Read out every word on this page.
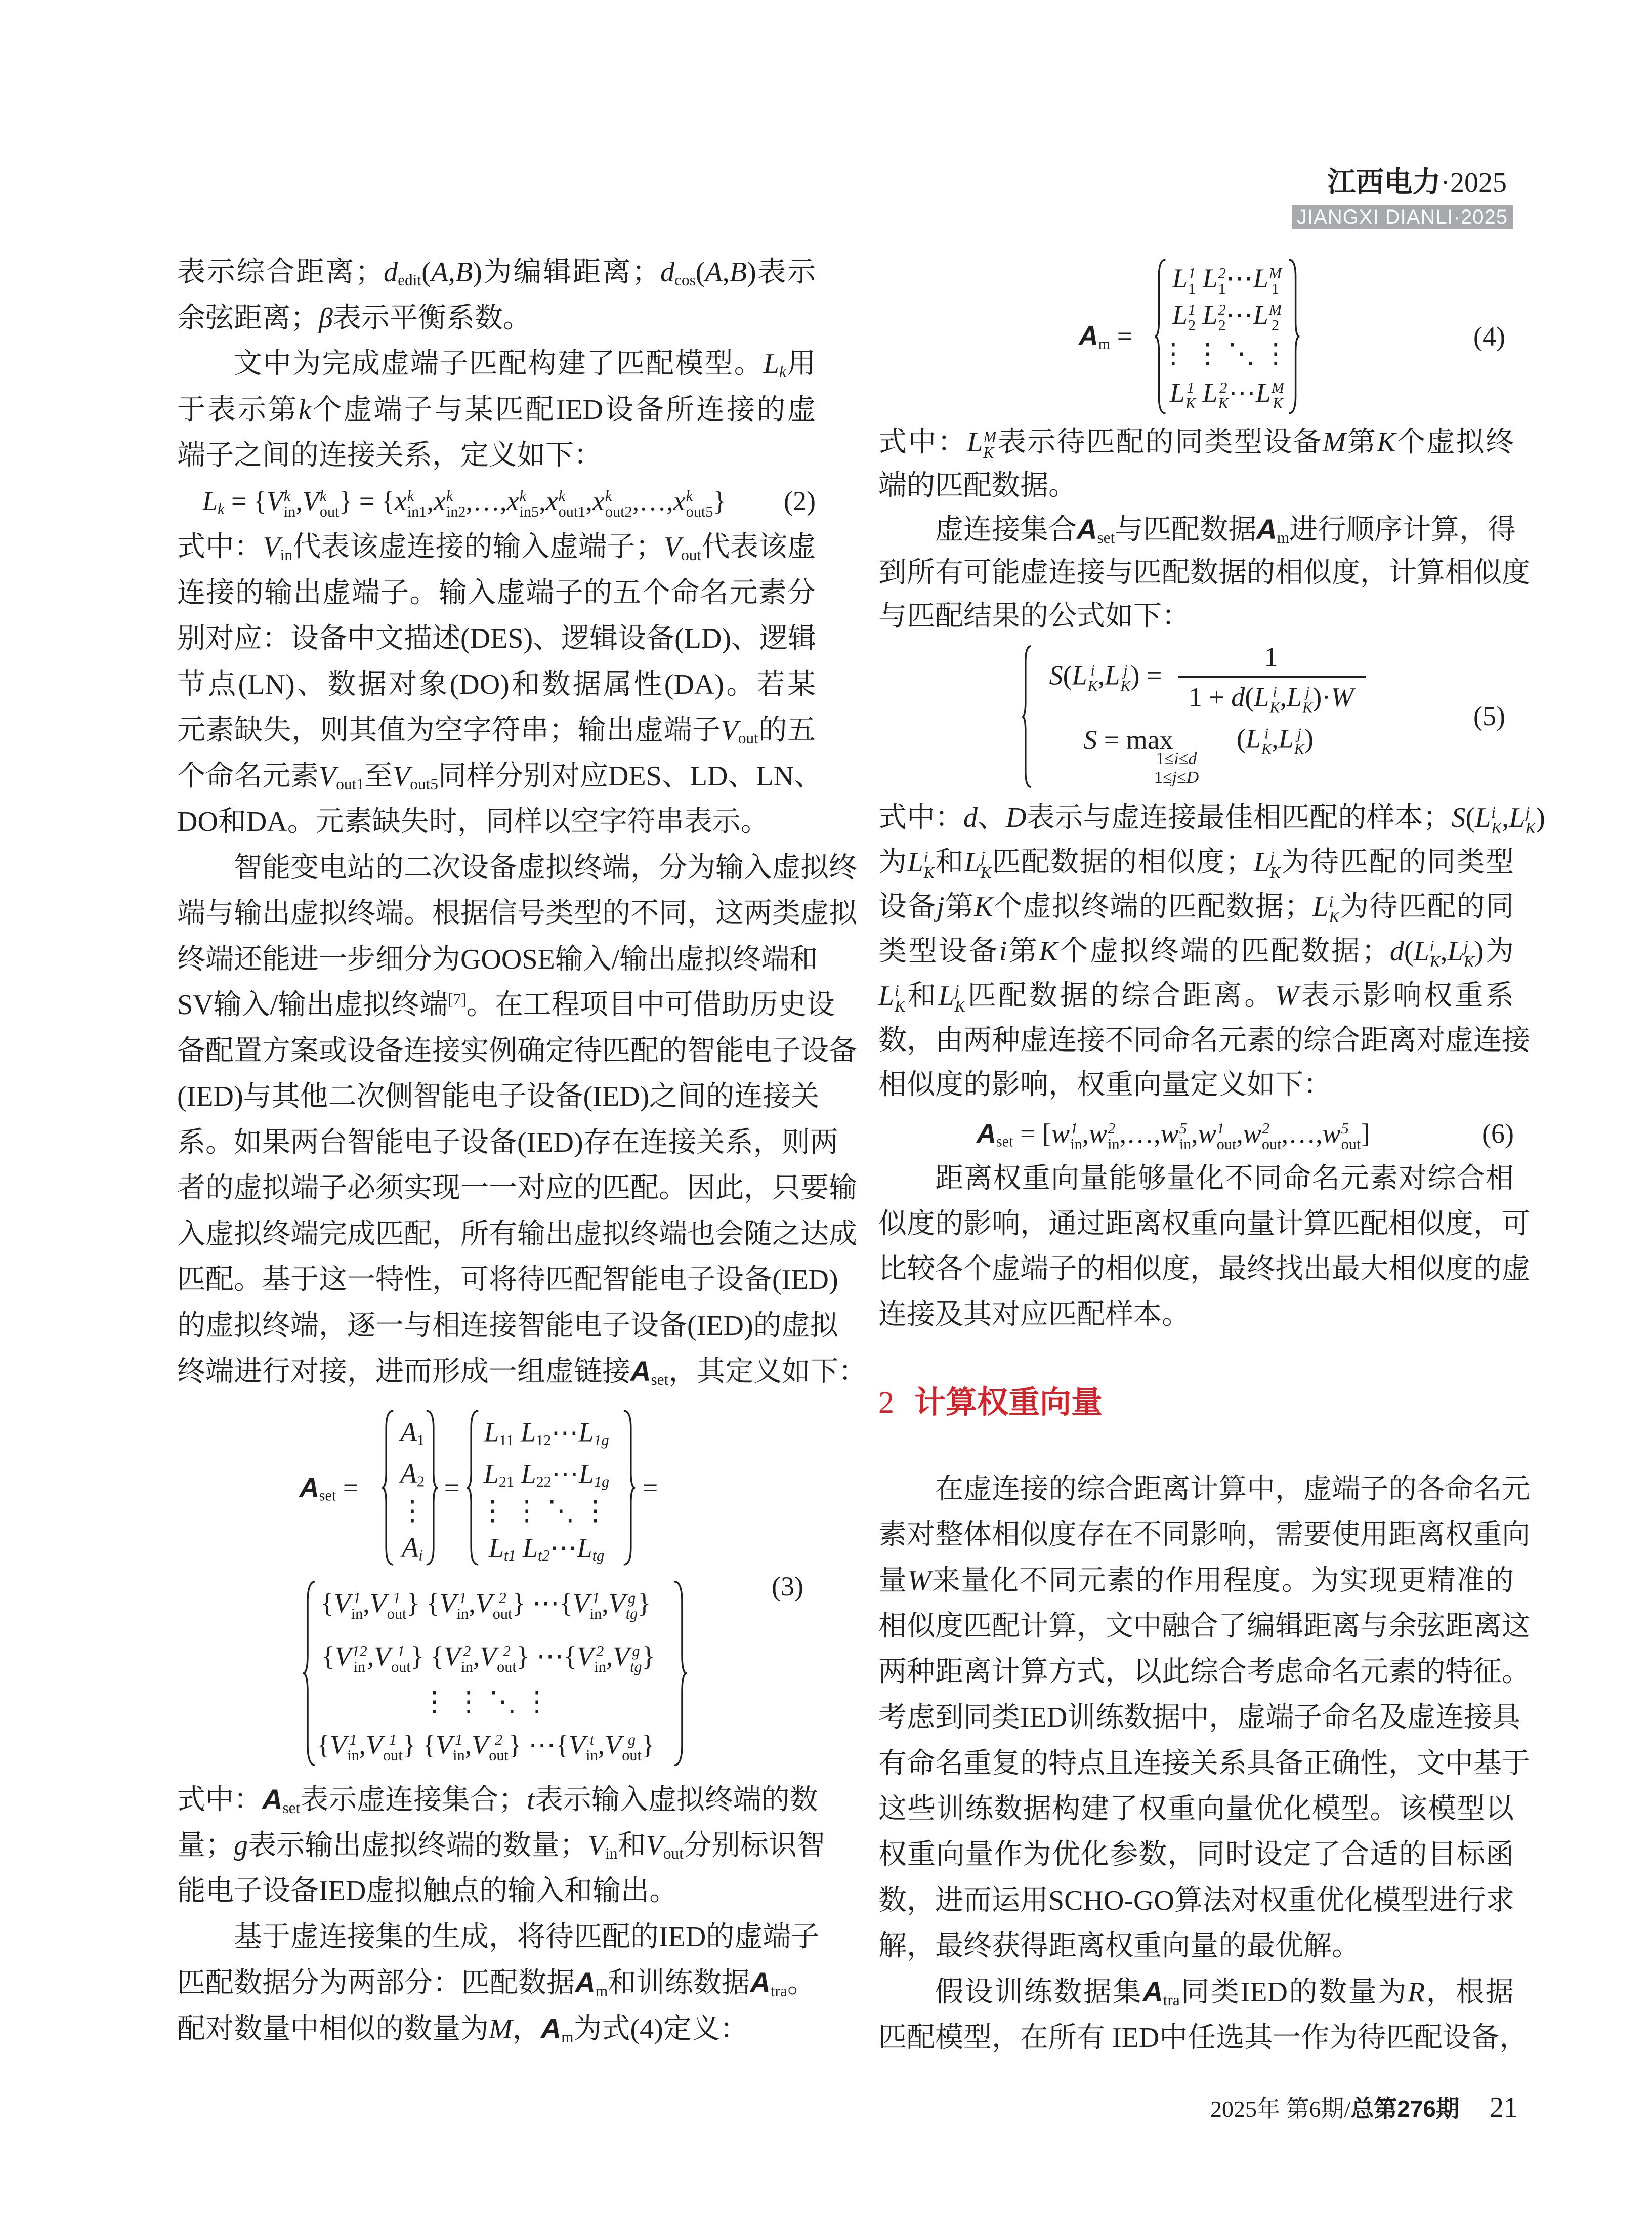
江西电力·2025
JIANGXI DIANLI·2025
表示综合距离；dedit(A,B)为编辑距离；dcos(A,B)表示
余弦距离；β表示平衡系数。
文中为完成虚端子匹配构建了匹配模型。Lk用
于表示第k个虚端子与某匹配IED设备所连接的虚
端子之间的连接关系，定义如下：
Lk = {V k
in ,V k
out } = {x k
in1 ,x k
in2 ,…,x k
in5 ,x k
out1 ,x k
out2 ,…,x k
out5 } (2)
式中：Vin代表该虚连接的输入虚端子；Vout代表该虚
连接的输出虚端子。输入虚端子的五个命名元素分
别对应：设备中文描述(DES)、逻辑设备(LD)、逻辑
节点(LN)、数据对象(DO)和数据属性(DA)。若某
元素缺失，则其值为空字符串；输出虚端子Vout的五
个命名元素Vout1至Vout5同样分别对应DES、LD、LN、
DO和DA。元素缺失时，同样以空字符串表示。
智能变电站的二次设备虚拟终端，分为输入虚拟终
端与输出虚拟终端。根据信号类型的不同，这两类虚拟
终端还能进一步细分为GOOSE输入/输出虚拟终端和
SV输入/输出虚拟终端[7]。在工程项目中可借助历史设
备配置方案或设备连接实例确定待匹配的智能电子设备
(IED)与其他二次侧智能电子设备(IED)之间的连接关
系。如果两台智能电子设备(IED)存在连接关系，则两
者的虚拟端子必须实现一一对应的匹配。因此，只要输
入虚拟终端完成匹配，所有输出虚拟终端也会随之达成
匹配。基于这一特性，可将待匹配智能电子设备(IED)
的虚拟终端，逐一与相连接智能电子设备(IED)的虚拟
终端进行对接，进而形成一组虚链接Aset，其定义如下：
Aset =
A1
A2
⋮
Ai
=
L11 L12⋯L1g
L21 L22⋯L1g
⋮ ⋮ ⋱ ⋮
Lt1 Lt2⋯Ltg
=
{V 1
in ,V 1
out } {V 1
in ,V 2
out } ⋯{V 1
in ,V g
tg }
{V 12
in ,V 1
out } {V 2
in ,V 2
out } ⋯{V 2
in ,V g
tg }
⋮ ⋮ ⋱ ⋮
{V 1
in ,V 1
out } {V 1
in ,V 2
out } ⋯{V t
in ,V g
out }
(3)
式中：Aset表示虚连接集合；t表示输入虚拟终端的数
量；g表示输出虚拟终端的数量；Vin和Vout分别标识智
能电子设备IED虚拟触点的输入和输出。
基于虚连接集的生成，将待匹配的IED的虚端子
匹配数据分为两部分：匹配数据Am和训练数据Atra。
配对数量中相似的数量为M，Am为式(4)定义：
Am =
L 1
1 L 2
1 ⋯L M
1
L 1
2 L 2
2 ⋯L M
2
⋮ ⋮ ⋱ ⋮
L 1
K L 2
K ⋯L M
K
(4)
式中：L M
K 表示待匹配的同类型设备M第K个虚拟终
端的匹配数据。
虚连接集合Aset与匹配数据Am进行顺序计算，得
到所有可能虚连接与匹配数据的相似度，计算相似度
与匹配结果的公式如下：
S(L i
K ,L j
K ) =
1
1 + d(L i
K ,L j
K )·W
S = max (L i
K ,L j
K )
1≤i≤d
1≤j≤D
(5)
式中：d、D表示与虚连接最佳相匹配的样本；S(L i
K ,L j
K )
为L i
K 和L j
K 匹配数据的相似度；L j
K 为待匹配的同类型
设备j第K个虚拟终端的匹配数据；L i
K 为待匹配的同
类型设备i第K个虚拟终端的匹配数据；d(L i
K ,L j
K )为
L i
K 和L j
K 匹配数据的综合距离。W表示影响权重系
数，由两种虚连接不同命名元素的综合距离对虚连接
相似度的影响，权重向量定义如下：
Aset = [w 1
in ,w 2
in ,…,w 5
in ,w 1
out ,w 2
out ,…,w 5
out ]	(6)
距离权重向量能够量化不同命名元素对综合相
似度的影响，通过距离权重向量计算匹配相似度，可
比较各个虚端子的相似度，最终找出最大相似度的虚
连接及其对应匹配样本。
2 计算权重向量
在虚连接的综合距离计算中，虚端子的各命名元
素对整体相似度存在不同影响，需要使用距离权重向
量W来量化不同元素的作用程度。为实现更精准的
相似度匹配计算，文中融合了编辑距离与余弦距离这
两种距离计算方式，以此综合考虑命名元素的特征。
考虑到同类IED训练数据中，虚端子命名及虚连接具
有命名重复的特点且连接关系具备正确性，文中基于
这些训练数据构建了权重向量优化模型。该模型以
权重向量作为优化参数，同时设定了合适的目标函
数，进而运用SCHO-GO算法对权重优化模型进行求
解，最终获得距离权重向量的最优解。
假设训练数据集Atra同类IED的数量为R，根据
匹配模型，在所有 IED中任选其一作为待匹配设备，
2025年 第6期/总第276期 21
